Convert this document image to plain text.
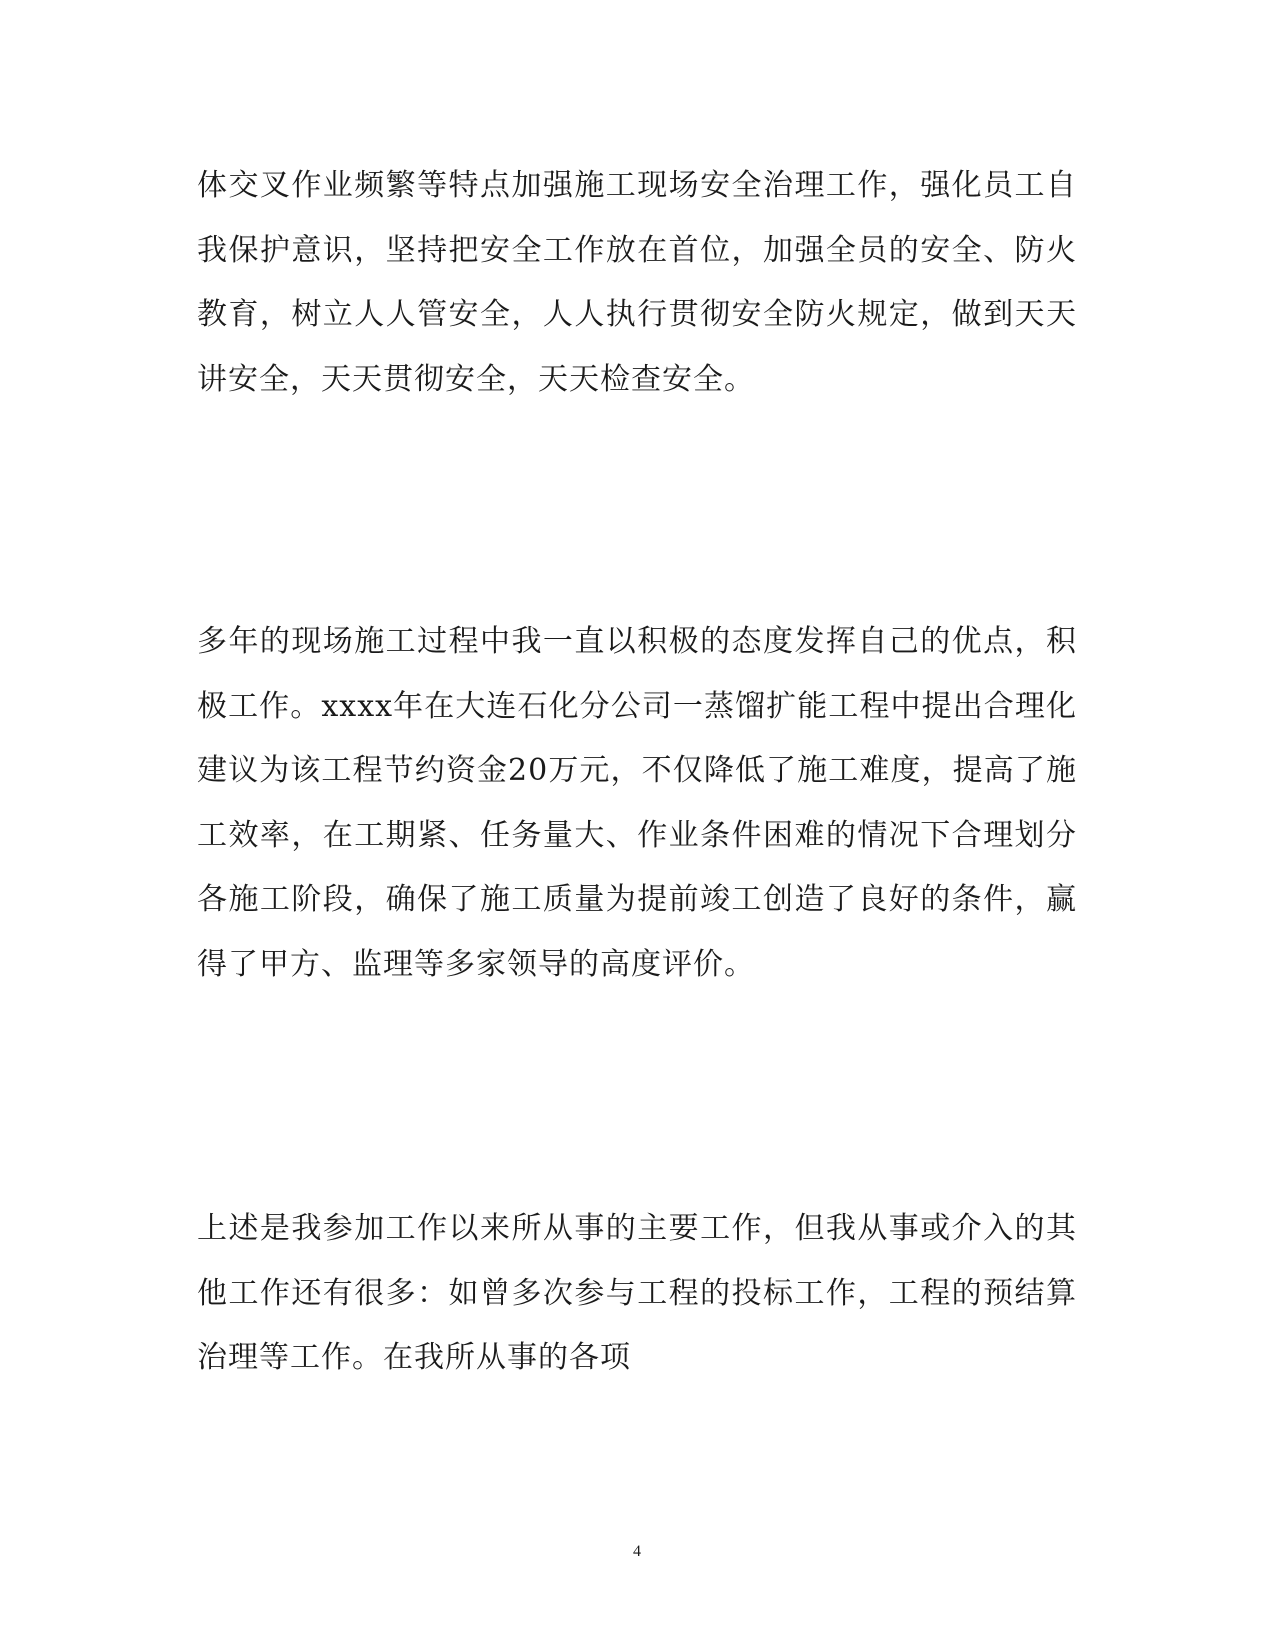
体交叉作业频繁等特点加强施工现场安全治理工作，强化员工自我保护意识，坚持把安全工作放在首位，加强全员的安全、防火教育，树立人人管安全，人人执行贯彻安全防火规定，做到天天讲安全，天天贯彻安全，天天检查安全。

多年的现场施工过程中我一直以积极的态度发挥自己的优点，积极工作。xxxx年在大连石化分公司一蒸馏扩能工程中提出合理化建议为该工程节约资金20万元，不仅降低了施工难度，提高了施工效率，在工期紧、任务量大、作业条件困难的情况下合理划分各施工阶段，确保了施工质量为提前竣工创造了良好的条件，赢得了甲方、监理等多家领导的高度评价。

上述是我参加工作以来所从事的主要工作，但我从事或介入的其他工作还有很多：如曾多次参与工程的投标工作，工程的预结算治理等工作。在我所从事的各项

4
